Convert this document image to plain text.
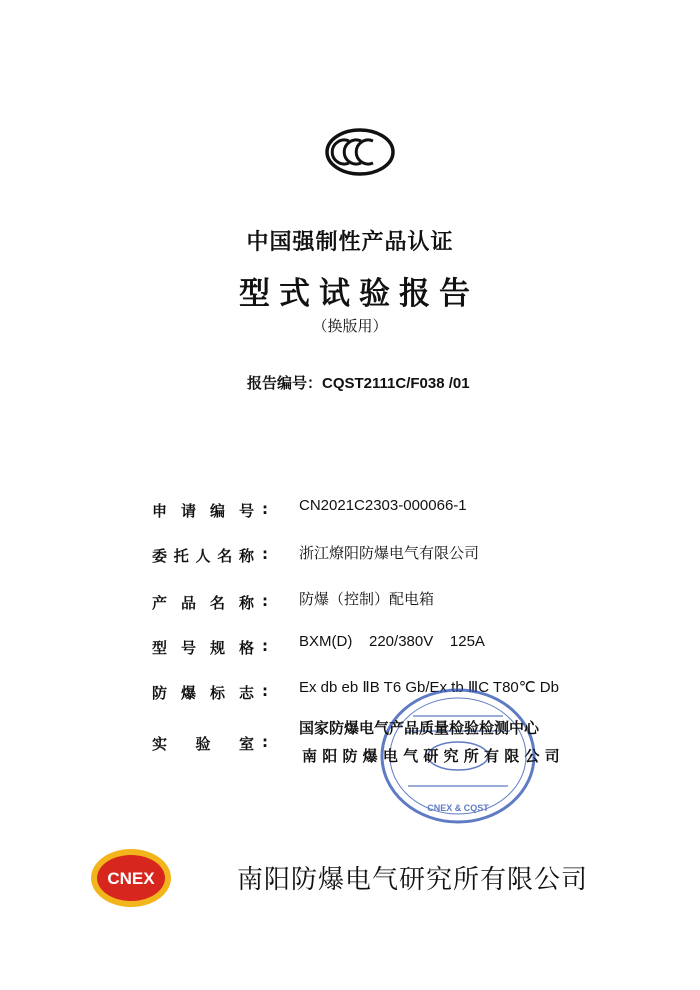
中国强制性产品认证
型式试验报告
（换版用）
报告编号：CQST2111C/F038 /01
申 请 编 号 : CN2021C2303-000066-1
委 托 人 名 称 : 浙江燎阳防爆电气有限公司
产 品 名 称 : 防爆（控制）配电箱
型 号 规 格 : BXM(D)    220/380V    125A
防 爆 标 志 : Ex db eb ⅡB T6 Gb/Ex tb ⅢC T80℃ Db
CNEX & CQST
实 验 室 :
国家防爆电气产品质量检验检测中心
南 阳 防 爆 电 气 研 究 所 有 限 公 司
CNEX	南阳防爆电气研究所有限公司
